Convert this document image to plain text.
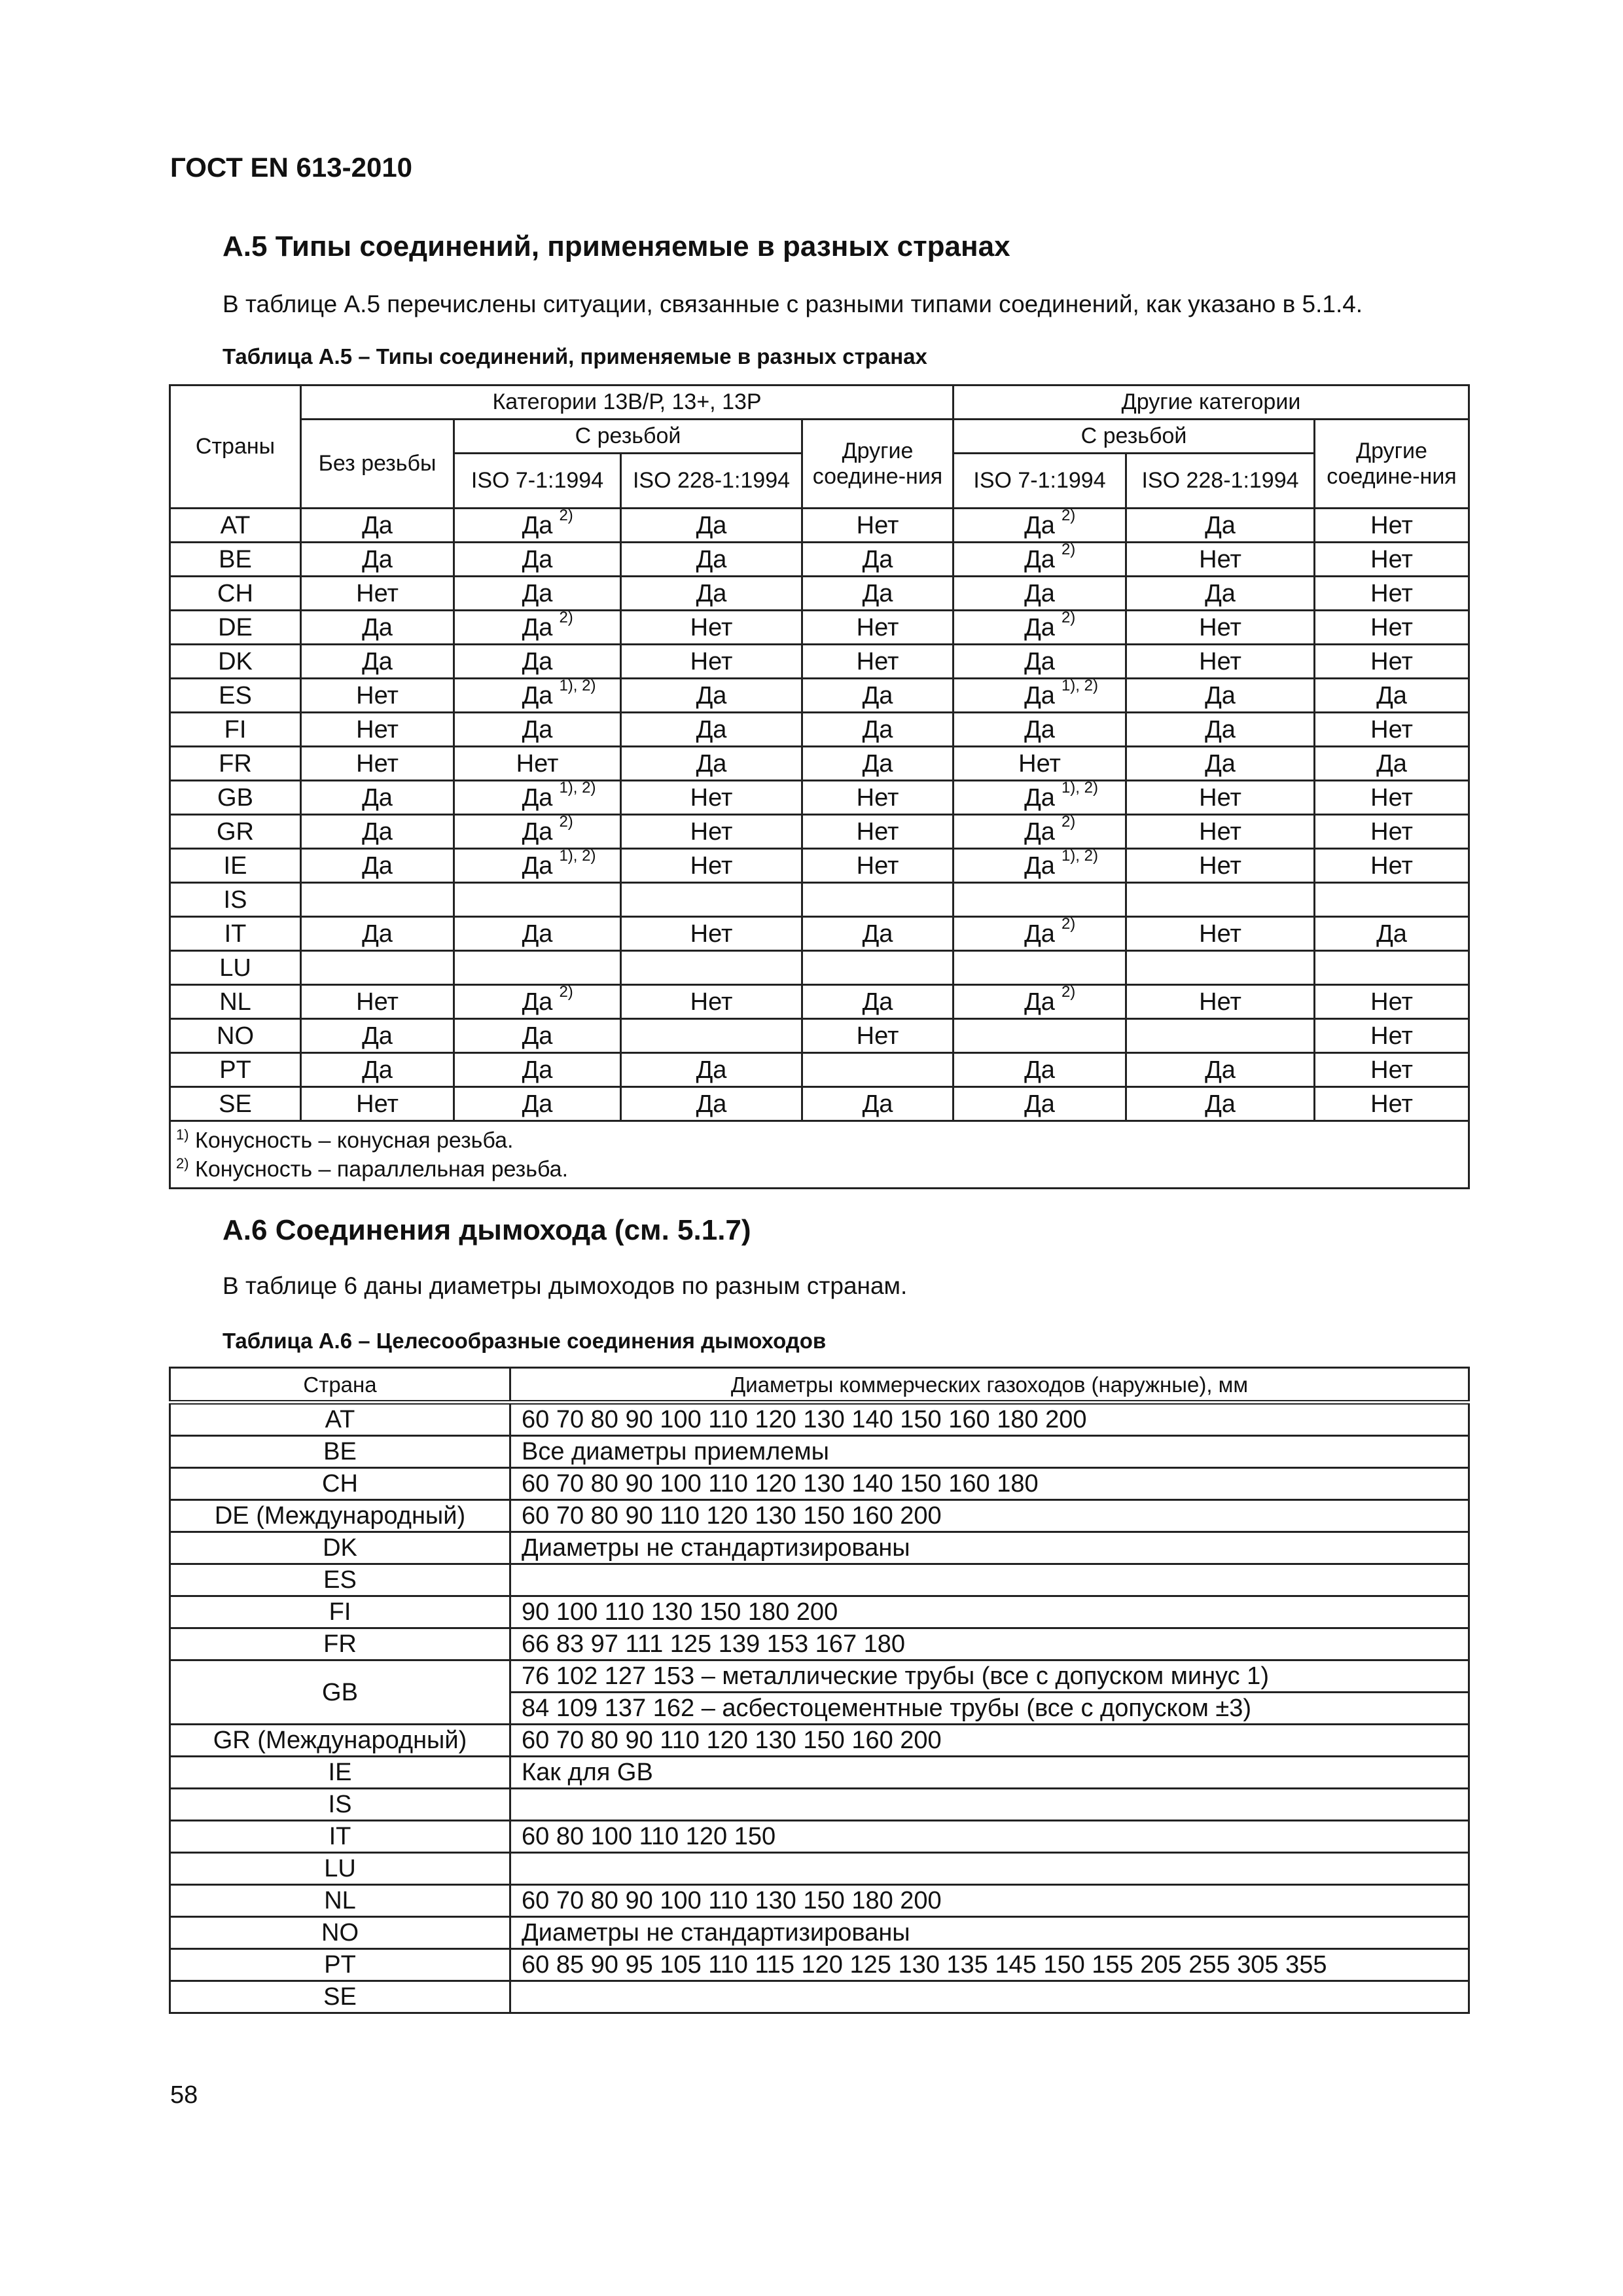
ГОСТ EN 613-2010
А.5 Типы соединений, применяемые в разных странах
В таблице А.5 перечислены ситуации, связанные с разными типами соединений, как указано в 5.1.4.
Таблица А.5 – Типы соединений, применяемые в разных странах
Страны	Категории 13В/Р, 13+, 13Р				Другие категории		
	Без резьбы	С резьбой		Другие соедине-ния	С резьбой		Другие соедине-ния
		ISO 7-1:1994	ISO 228-1:1994		ISO 7-1:1994	ISO 228-1:1994	
AT	Да	Да 2)	Да	Нет	Да 2)	Да	Нет
BE	Да	Да	Да	Да	Да 2)	Нет	Нет
CH	Нет	Да	Да	Да	Да	Да	Нет
DE	Да	Да 2)	Нет	Нет	Да 2)	Нет	Нет
DK	Да	Да	Нет	Нет	Да	Нет	Нет
ES	Нет	Да 1), 2)	Да	Да	Да 1), 2)	Да	Да
FI	Нет	Да	Да	Да	Да	Да	Нет
FR	Нет	Нет	Да	Да	Нет	Да	Да
GB	Да	Да 1), 2)	Нет	Нет	Да 1), 2)	Нет	Нет
GR	Да	Да 2)	Нет	Нет	Да 2)	Нет	Нет
IE	Да	Да 1), 2)	Нет	Нет	Да 1), 2)	Нет	Нет
IS							
IT	Да	Да	Нет	Да	Да 2)	Нет	Да
LU							
NL	Нет	Да 2)	Нет	Да	Да 2)	Нет	Нет
NO	Да	Да		Нет			Нет
PT	Да	Да	Да		Да	Да	Нет
SE	Нет	Да	Да	Да	Да	Да	Нет

$^{1)}$ Конусность – конусная резьба.
$^{2)}$ Конусность – параллельная резьба.							
А.6 Соединения дымохода (см. 5.1.7)
В таблице 6 даны диаметры дымоходов по разным странам.
Таблица А.6 – Целесообразные соединения дымоходов
Страна	Диаметры коммерческих газоходов (наружные), мм
AT	60 70 80 90 100 110 120 130 140 150 160 180 200
BE	Все диаметры приемлемы
CH	60 70 80 90 100 110 120 130 140 150 160 180
DE (Международный)	60 70 80 90 110 120 130 150 160 200
DK	Диаметры не стандартизированы
ES	
FI	90 100 110 130 150 180 200
FR	66 83 97 111 125 139 153 167 180
GB	76 102 127 153 – металлические трубы (все с допуском минус 1)
	84 109 137 162 – асбестоцементные трубы (все с допуском ±3)
GR (Международный)	60 70 80 90 110 120 130 150 160 200
IE	Как для GB
IS	
IT	60 80 100 110 120 150
LU	
NL	60 70 80 90 100 110 130 150 180 200
NO	Диаметры не стандартизированы
PT	60 85 90 95 105 110 115 120 125 130 135 145 150 155 205 255 305 355
SE	
58
